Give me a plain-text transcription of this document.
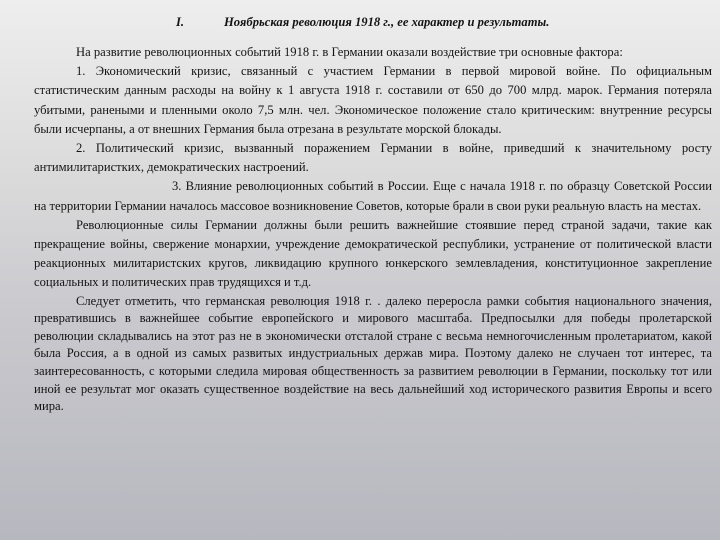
I.	Ноябрьская революция 1918 г., ее характер и результаты.

На развитие революционных событий 1918 г. в Германии оказали воздействие три основные фактора:

1. Экономический кризис, связанный с участием Германии в первой мировой войне. По официальным статистическим данным расходы на войну к 1 августа 1918 г. составили от 650 до 700 млрд. марок. Германия потеряла убитыми, ранеными и пленными около 7,5 млн. чел. Экономическое положение стало критическим: внутренние ресурсы были исчерпаны, а от внешних Германия была отрезана в результате морской блокады.

2. Политический кризис, вызванный поражением Германии в войне, приведший к значительному росту антимилитаристких, демократических настроений.

3. Влияние революционных событий в России. Еще с начала 1918 г. по образцу Советской России на территории Германии началось массовое возникновение Советов, которые брали в свои руки реальную власть на местах.

Революционные силы Германии должны были решить важнейшие стоявшие перед страной задачи, такие как прекращение войны, свержение монархии, учреждение демократической республики, устранение от политической власти реакционных милитаристских кругов, ликвидацию крупного юнкерского землевладения, конституционное закрепление социальных и политических прав трудящихся и т.д.

Следует отметить, что германская революция 1918 г. . далеко переросла рамки события национального значения, превратившись в важнейшее событие европейского и мирового масштаба. Предпосылки для победы пролетарской революции складывались на этот раз не в экономически отсталой стране с весьма немногочисленным пролетариатом, какой была Россия, а в одной из самых развитых индустриальных держав мира. Поэтому далеко не случаен тот интерес, та заинтересованность, с которыми следила мировая общественность за развитием революции в Германии, поскольку тот или иной ее результат мог оказать существенное воздействие на весь дальнейший ход исторического развития Европы и всего мира.
